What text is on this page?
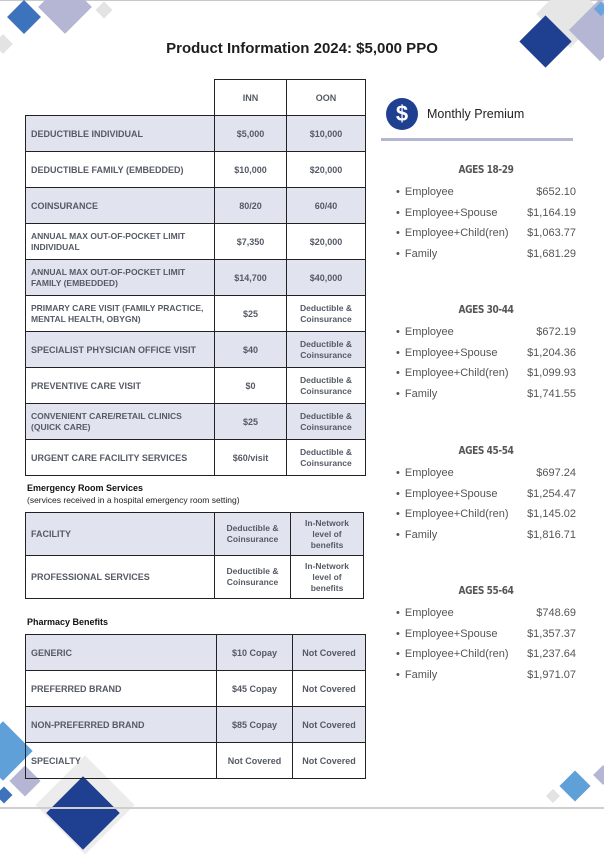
Product Information 2024: $5,000 PPO
	INN	OON
DEDUCTIBLE INDIVIDUAL	$5,000	$10,000
DEDUCTIBLE FAMILY (EMBEDDED)	$10,000	$20,000
COINSURANCE	80/20	60/40
ANNUAL MAX OUT-OF-POCKET LIMIT INDIVIDUAL	$7,350	$20,000
ANNUAL MAX OUT-OF-POCKET LIMIT FAMILY (EMBEDDED)	$14,700	$40,000
PRIMARY CARE VISIT (FAMILY PRACTICE, MENTAL HEALTH, OBYGN)	$25	Deductible & Coinsurance
SPECIALIST PHYSICIAN OFFICE VISIT	$40	Deductible & Coinsurance
PREVENTIVE CARE VISIT	$0	Deductible & Coinsurance
CONVENIENT CARE/RETAIL CLINICS (QUICK CARE)	$25	Deductible & Coinsurance
URGENT CARE FACILITY SERVICES	$60/visit	Deductible & Coinsurance
Emergency Room Services
(services received in a hospital emergency room setting)
FACILITY	Deductible & Coinsurance	In-Network level of benefits
PROFESSIONAL SERVICES	Deductible & Coinsurance	In-Network level of benefits
Pharmacy Benefits
GENERIC	$10 Copay	Not Covered
PREFERRED BRAND	$45 Copay	Not Covered
NON-PREFERRED BRAND	$85 Copay	Not Covered
SPECIALTY	Not Covered	Not Covered
$	Monthly Premium
AGES 18-29
• Employee	$652.10
• Employee+Spouse	$1,164.19
• Employee+Child(ren) $1,063.77
• Family	$1,681.29
AGES 30-44
• Employee	$672.19
• Employee+Spouse	$1,204.36
• Employee+Child(ren) $1,099.93
• Family	$1,741.55
AGES 45-54
• Employee	$697.24
• Employee+Spouse	$1,254.47
• Employee+Child(ren) $1,145.02
• Family	$1,816.71
AGES 55-64
• Employee	$748.69
• Employee+Spouse	$1,357.37
• Employee+Child(ren) $1,237.64
• Family	$1,971.07
